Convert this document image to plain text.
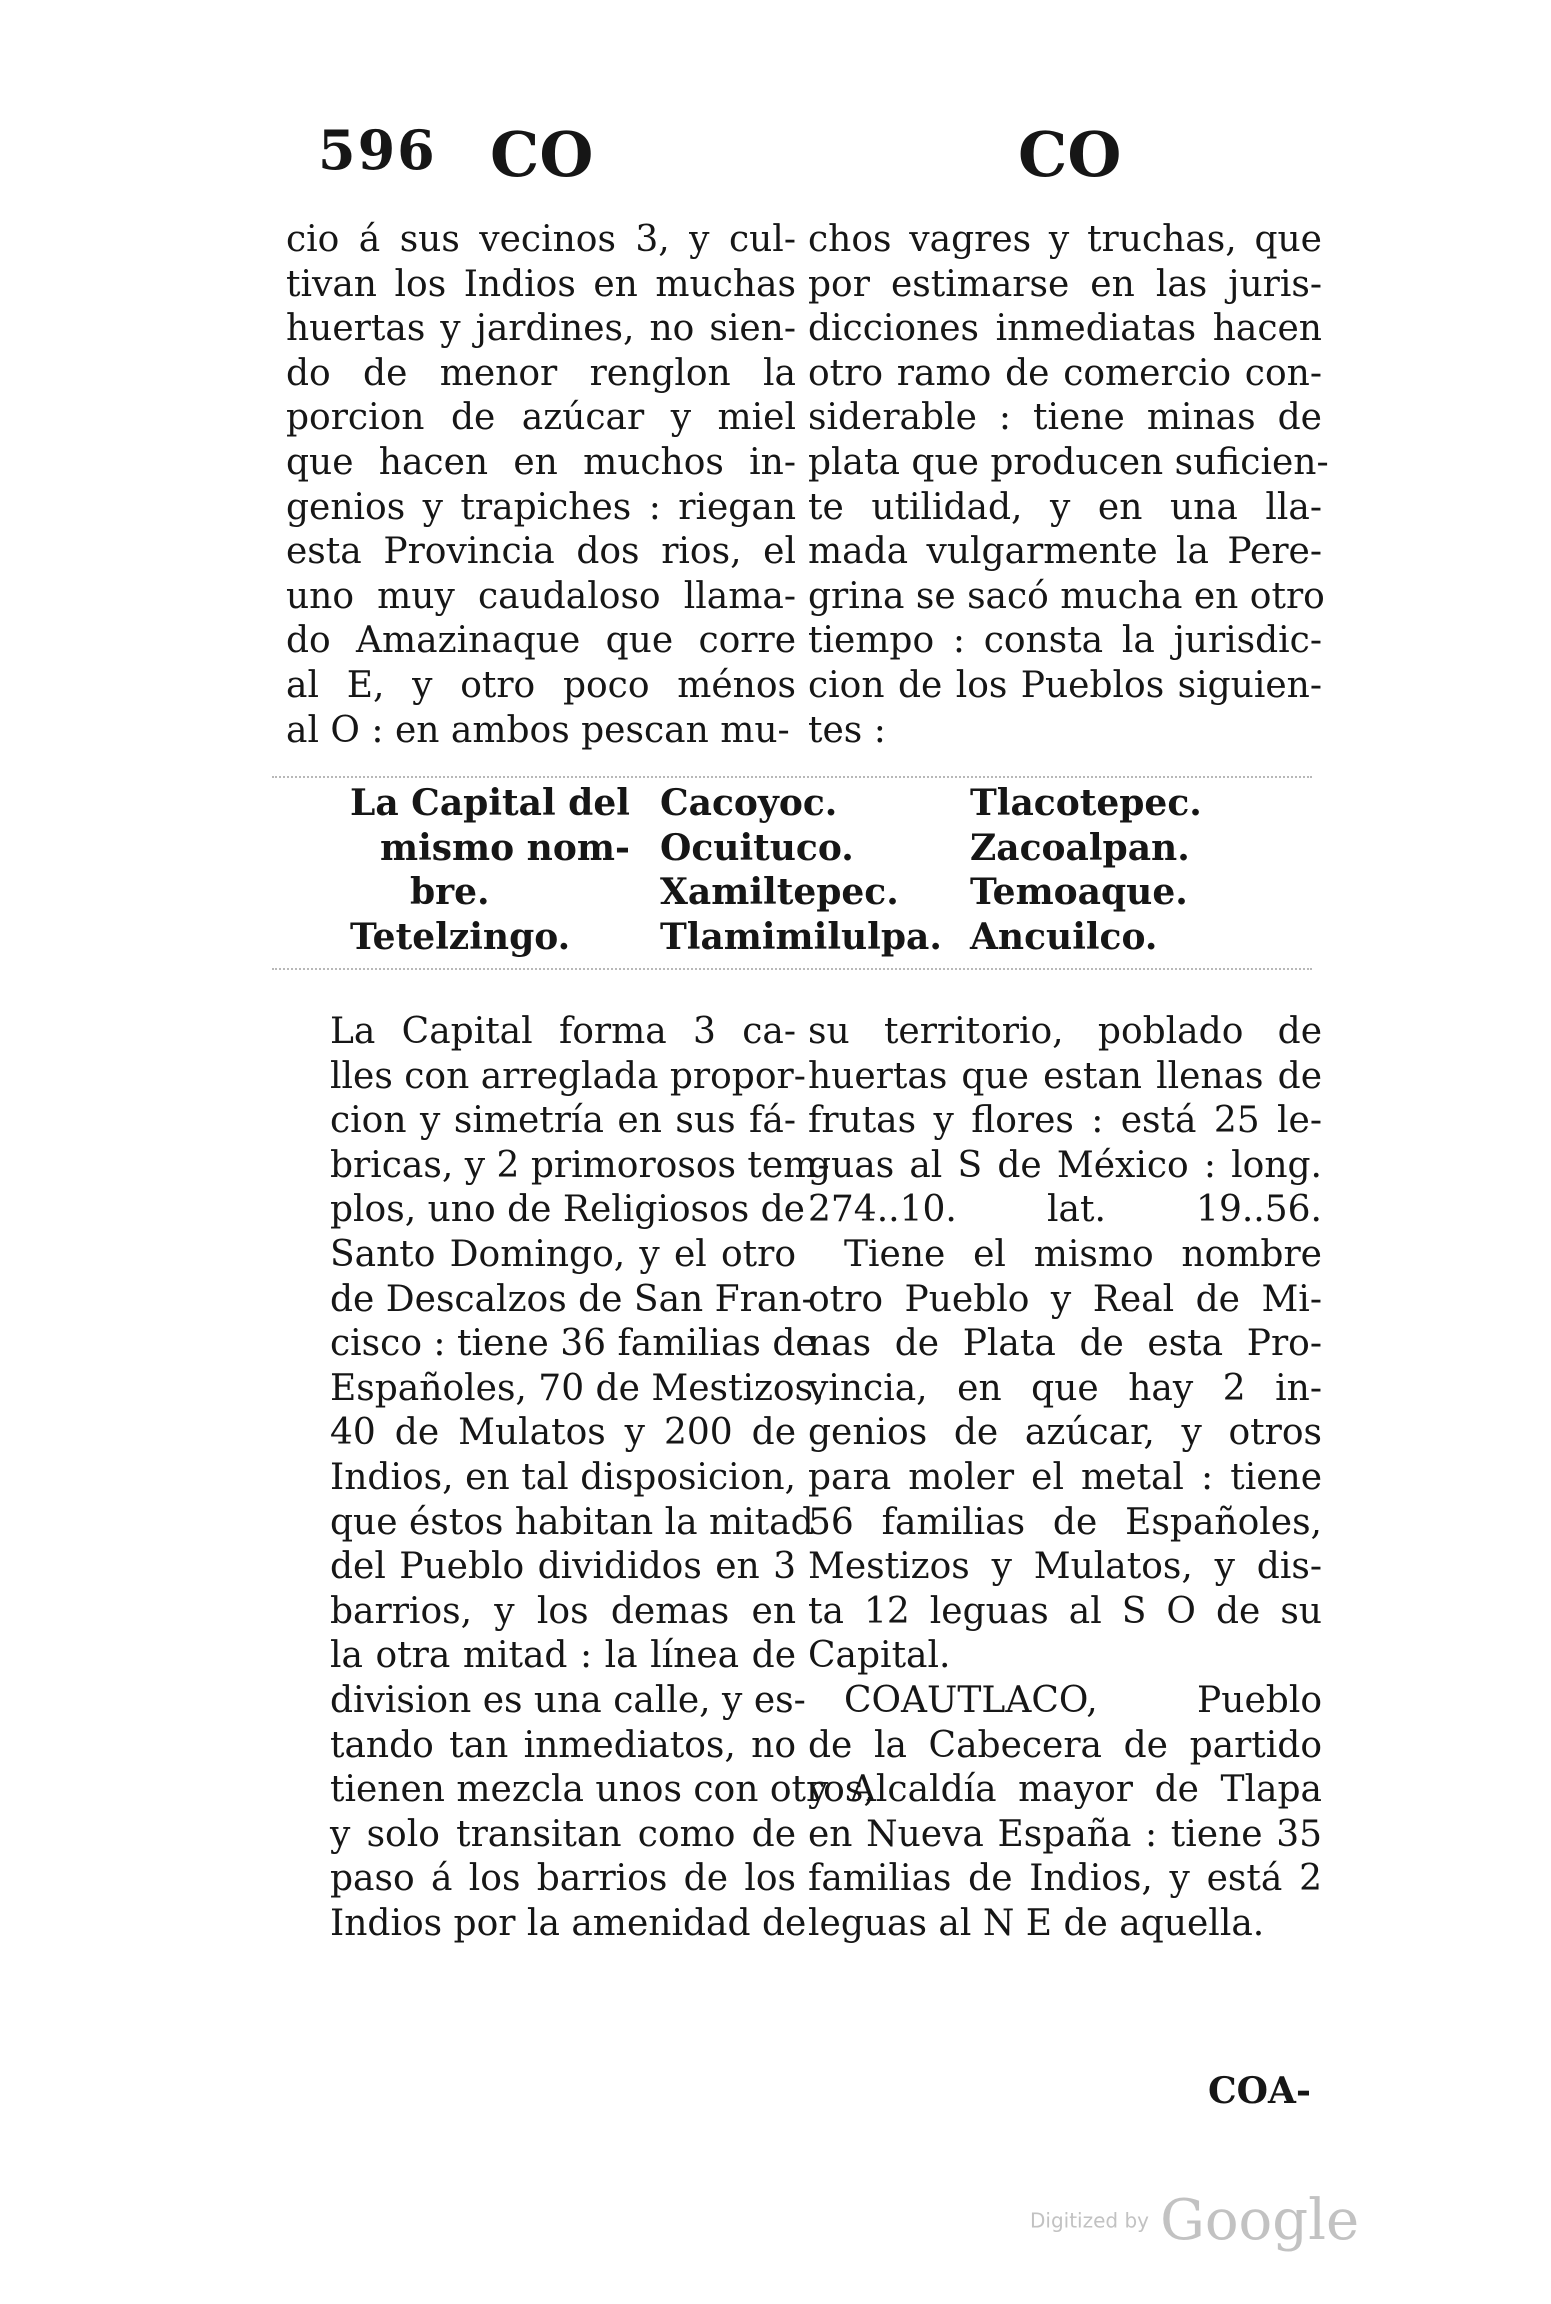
596 CO	CO
cio á sus vecinos 3, y cul-
tivan los Indios en muchas
huertas y jardines, no sien-
do de menor renglon la
porcion de azúcar y miel
que hacen en muchos in-
genios y trapiches : riegan
esta Provincia dos rios, el
uno muy caudaloso llama-
do Amazinaque que corre
al E, y otro poco ménos
al O : en ambos pescan mu-
chos vagres y truchas, que
por estimarse en las juris-
dicciones inmediatas hacen
otro ramo de comercio con-
siderable : tiene minas de
plata que producen suficien-
te utilidad, y en una lla-
mada vulgarmente la Pere-
grina se sacó mucha en otro
tiempo : consta la jurisdic-
cion de los Pueblos siguien-
tes :
La Capital del Cacoyoc.	Tlacotepec.
mismo nom- Ocuituco.	Zacoalpan.
bre.	Xamiltepec. Temoaque.
Tetelzingo. Tlamimilulpa. Ancuilco.
La Capital forma 3 ca-
lles con arreglada propor-
cion y simetría en sus fá-
bricas, y 2 primorosos tem-
plos, uno de Religiosos de
Santo Domingo, y el otro
de Descalzos de San Fran-
cisco : tiene 36 familias de
Españoles, 70 de Mestizos,
40 de Mulatos y 200 de
Indios, en tal disposicion,
que éstos habitan la mitad
del Pueblo divididos en 3
barrios, y los demas en
la otra mitad : la línea de
division es una calle, y es-
tando tan inmediatos, no
tienen mezcla unos con otros,
y solo transitan como de
paso á los barrios de los
Indios por la amenidad de
su territorio, poblado de
huertas que estan llenas de
frutas y flores : está 25 le-
guas al S de México : long.
274..10. lat. 19..56.
Tiene el mismo nombre
otro Pueblo y Real de Mi-
nas de Plata de esta Pro-
vincia, en que hay 2 in-
genios de azúcar, y otros
para moler el metal : tiene
56 familias de Españoles,
Mestizos y Mulatos, y dis-
ta 12 leguas al S O de su
Capital.
COAUTLACO, Pueblo
de la Cabecera de partido
y Alcaldía mayor de Tlapa
en Nueva España : tiene 35
familias de Indios, y está 2
leguas al N E de aquella.
COA-
Digitized by Google
